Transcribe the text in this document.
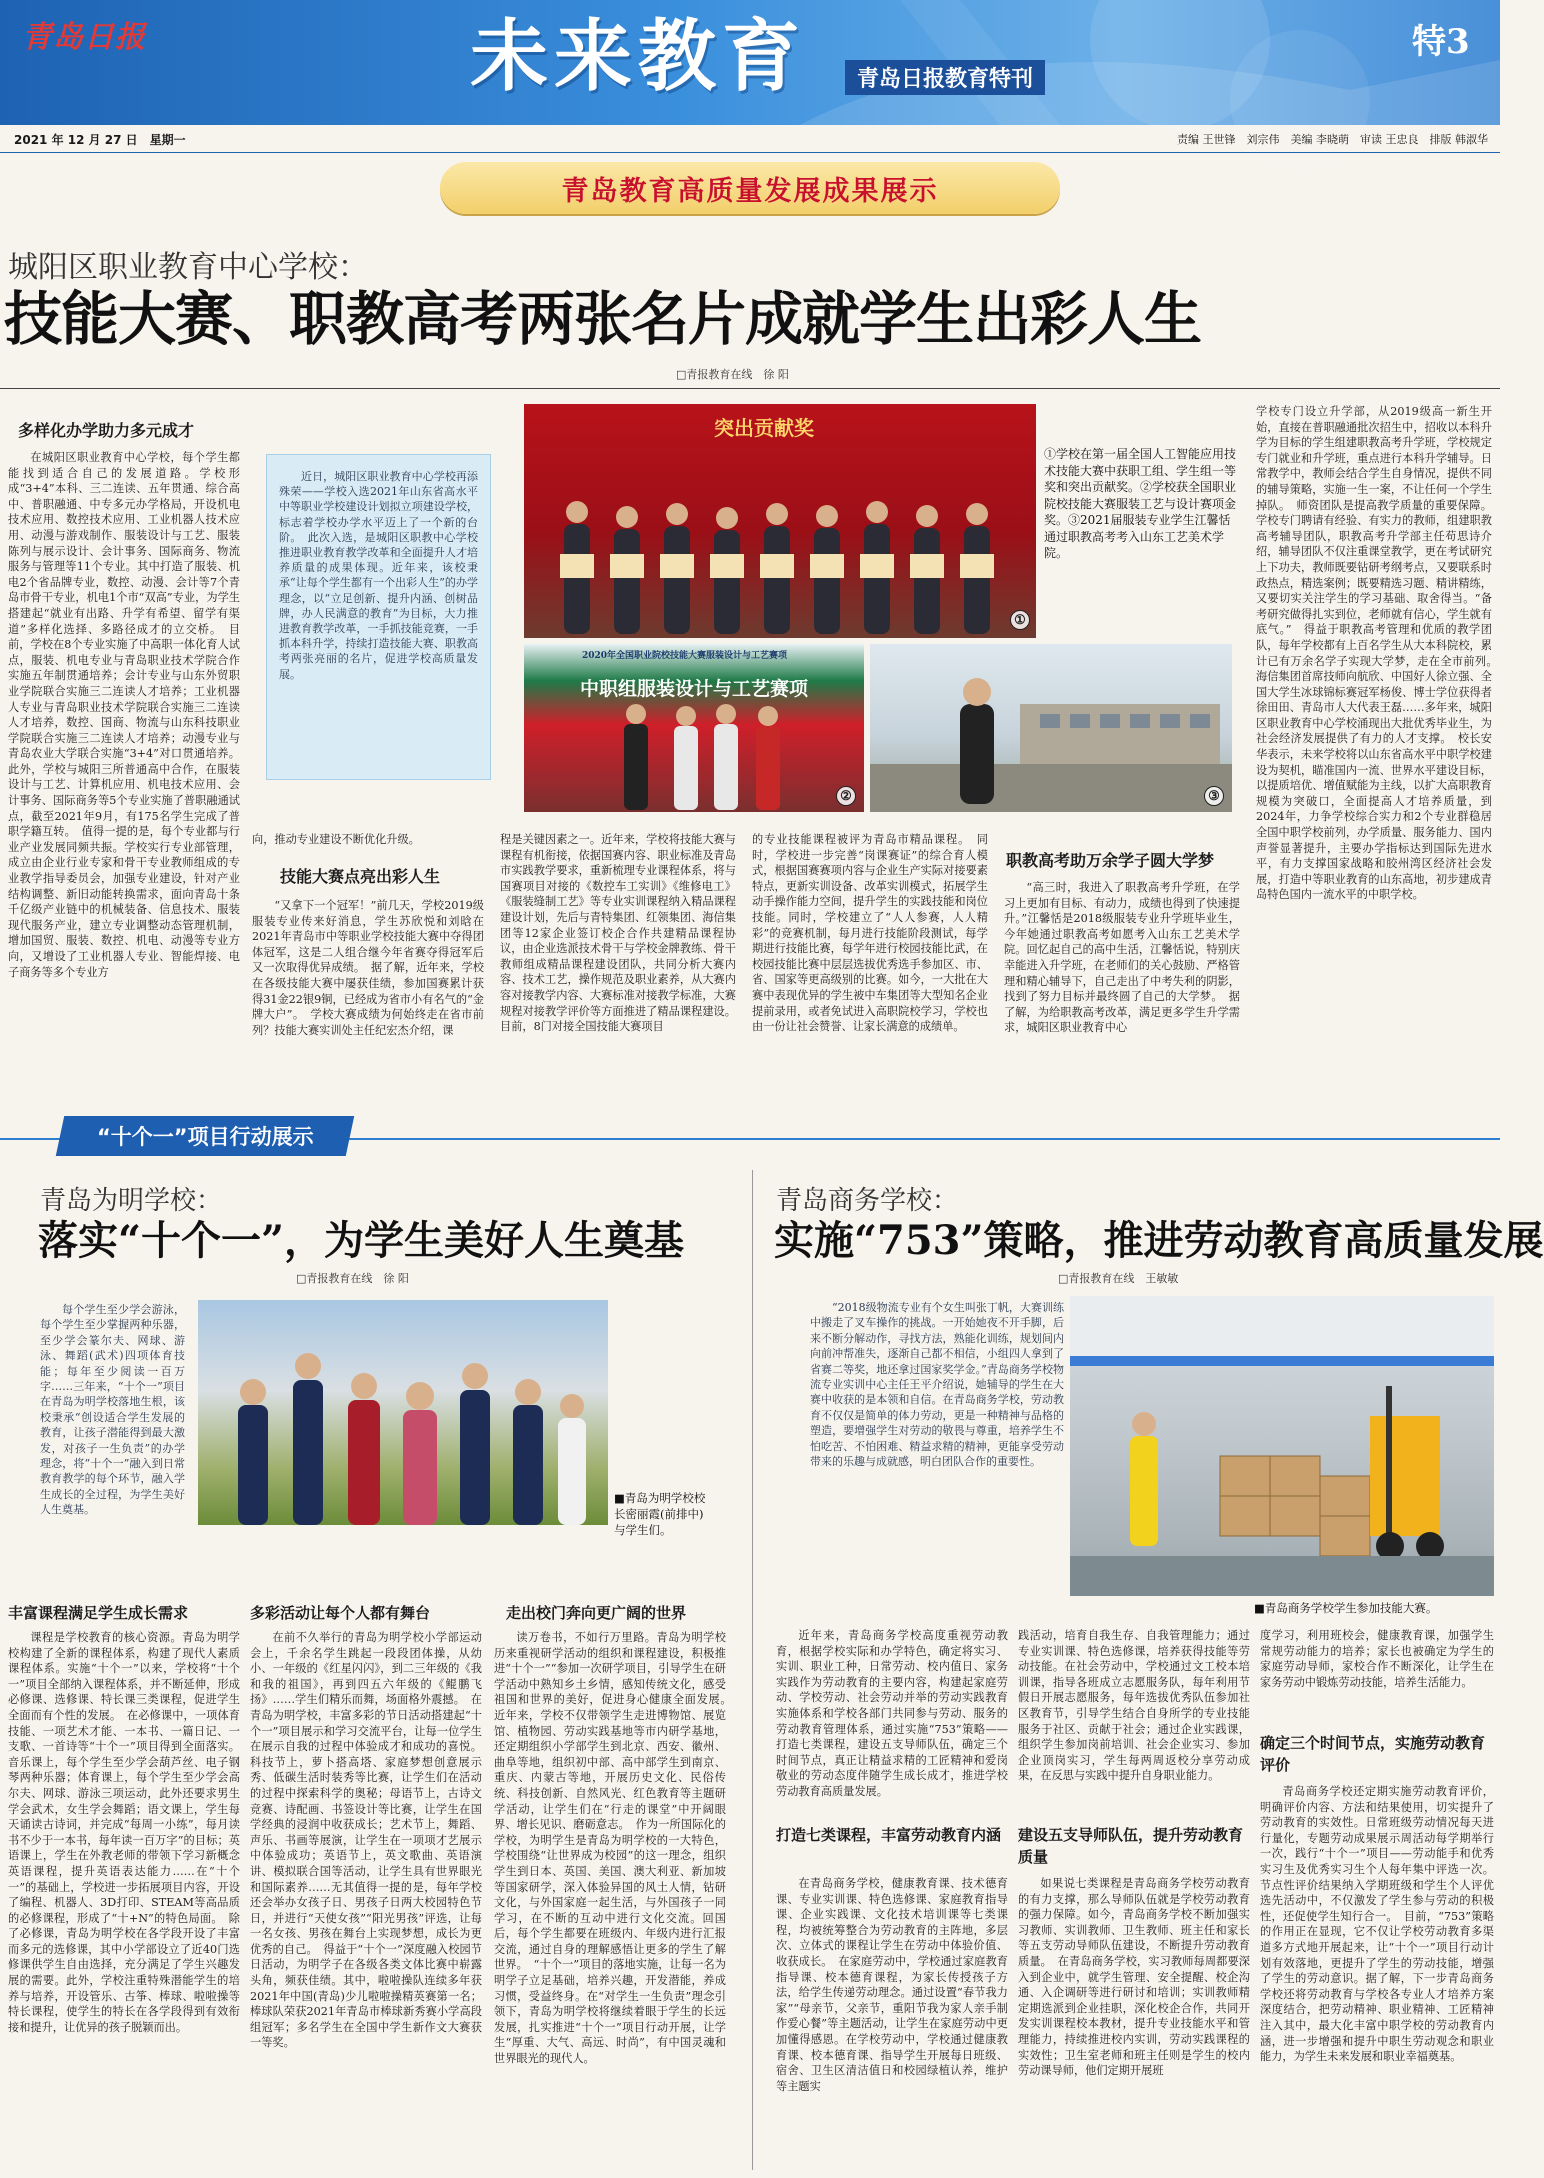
青岛日报	未来教育	青岛日报教育特刊
特3
2021 年 12 月 27 日　星期一	责编 王世锋　刘宗伟　美编 李晓萌　审读 王忠良　排版 韩淑华
青岛教育高质量发展成果展示
城阳区职业教育中心学校：
技能大赛、职教高考两张名片成就学生出彩人生
□青报教育在线　徐 阳
多样化办学助力多元成才

在城阳区职业教育中心学校，每个学生都能找到适合自己的发展道路。学校形成“3+4”本科、三二连读、五年贯通、综合高中、普职融通、中专多元办学格局，开设机电技术应用、数控技术应用、工业机器人技术应用、动漫与游戏制作、服装设计与工艺、服装陈列与展示设计、会计事务、国际商务、物流服务与管理等11个专业。其中打造了服装、机电2个省品牌专业，数控、动漫、会计等7个青岛市骨干专业，机电1个市“双高”专业，为学生搭建起“就业有出路、升学有希望、留学有渠道”多样化选择、多路径成才的立交桥。　目前，学校在8个专业实施了中高职一体化育人试点，服装、机电专业与青岛职业技术学院合作实施五年制贯通培养；会计专业与山东外贸职业学院联合实施三二连读人才培养；工业机器人专业与青岛职业技术学院联合实施三二连读人才培养，数控、国商、物流与山东科技职业学院联合实施三二连读人才培养；动漫专业与青岛农业大学联合实施“3+4”对口贯通培养。此外，学校与城阳三所普通高中合作，在服装设计与工艺、计算机应用、机电技术应用、会计事务、国际商务等5个专业实施了普职融通试点，截至2021年9月，有175名学生完成了普职学籍互转。　值得一提的是，每个专业都与行业产业发展同频共振。学校实行专业部管理，成立由企业行业专家和骨干专业教师组成的专业教学指导委员会，加强专业建设，针对产业结构调整、新旧动能转换需求，面向青岛十条千亿级产业链中的机械装备、信息技术、服装现代服务产业，建立专业调整动态管理机制，增加国贸、服装、数控、机电、动漫等专业方向，又增设了工业机器人专业、智能焊接、电子商务等多个专业方

近日，城阳区职业教育中心学校再添殊荣——学校入选2021年山东省高水平中等职业学校建设计划拟立项建设学校，标志着学校办学水平迈上了一个新的台阶。　此次入选，是城阳区职教中心学校推进职业教育教学改革和全面提升人才培养质量的成果体现。近年来，该校秉承“让每个学生都有一个出彩人生”的办学理念，以“立足创新、提升内涵、创树品牌，办人民满意的教育”为目标，大力推进教育教学改革，一手抓技能竞赛，一手抓本科升学，持续打造技能大赛、职教高考两张亮丽的名片，促进学校高质量发展。

突出贡献奖
①学校在第一届全国人工智能应用技术技能大赛中获职工组、学生组一等奖和突出贡献奖。②学校获全国职业院校技能大赛服装工艺与设计赛项金奖。③2021届服装专业学生江馨恬通过职教高考考入山东工艺美术学院。
2020年全国职业院校技能大赛服装设计与工艺赛项
中职组服装设计与工艺赛项
②	③
①

向，推动专业建设不断优化升级。

技能大赛点亮出彩人生

“又拿下一个冠军！”前几天，学校2019级服装专业传来好消息，学生苏欣悦和刘晗在2021年青岛市中等职业学校技能大赛中夺得团体冠军，这是二人组合继今年省赛夺得冠军后又一次取得优异成绩。　据了解，近年来，学校在各级技能大赛中屡获佳绩，参加国赛累计获得31金22银9铜，已经成为省市小有名气的“金牌大户”。　学校大赛成绩为何始终走在省市前列？技能大赛实训处主任纪宏杰介绍，课

程是关键因素之一。近年来，学校将技能大赛与课程有机衔接，依据国赛内容、职业标准及青岛市实践教学要求，重新梳理专业课程体系，将与国赛项目对接的《数控车工实训》《维修电工》《服装缝制工艺》等专业实训课程纳入精品课程建设计划，先后与青特集团、红领集团、海信集团等12家企业签订校企合作共建精品课程协议，由企业选派技术骨干与学校金牌教练、骨干教师组成精品课程建设团队，共同分析大赛内容、技术工艺，操作规范及职业素养，从大赛内容对接教学内容、大赛标准对接教学标准，大赛规程对接教学评价等方面推进了精品课程建设。目前，8门对接全国技能大赛项目

的专业技能课程被评为青岛市精品课程。　同时，学校进一步完善“岗课赛证”的综合育人模式，根据国赛赛项内容与企业生产实际对接要素特点，更新实训设备、改革实训模式，拓展学生动手操作能力空间，提升学生的实践技能和岗位技能。同时，学校建立了“人人参赛，人人精彩”的竞赛机制，每月进行技能阶段测试，每学期进行技能比赛，每学年进行校园技能比武，在校园技能比赛中层层选拔优秀选手参加区、市、省、国家等更高级别的比赛。如今，一大批在大赛中表现优异的学生被中车集团等大型知名企业提前录用，或者免试进入高职院校学习，学校也由一份让社会赞誉、让家长满意的成绩单。

职教高考助万余学子圆大学梦

“高三时，我进入了职教高考升学班，在学习上更加有目标、有动力，成绩也得到了快速提升。”江馨恬是2018级服装专业升学班毕业生，今年她通过职教高考如愿考入山东工艺美术学院。回忆起自己的高中生活，江馨恬说，特别庆幸能进入升学班，在老师们的关心鼓励、严格管理和精心辅导下，自己走出了中考失利的阴影，找到了努力目标并最终圆了自己的大学梦。　据了解，为给职教高考改革，满足更多学生升学需求，城阳区职业教育中心

学校专门设立升学部，从2019级高一新生开始，直接在普职融通批次招生中，招收以本科升学为目标的学生组建职教高考升学班，学校规定专门就业和升学班，重点进行本科升学辅导。日常教学中，教师会结合学生自身情况，提供不同的辅导策略，实施一生一案，不让任何一个学生掉队。　师资团队是提高教学质量的重要保障。学校专门聘请有经验、有实力的教师，组建职教高考辅导团队，职教高考升学部主任苟思诗介绍，辅导团队不仅注重课堂教学，更在考试研究上下功夫，教师既要钻研考纲考点，又要联系时政热点，精选案例；既要精选习题、精讲精练，又要切实关注学生的学习基础、取舍得当。“备考研究做得扎实到位，老师就有信心，学生就有底气。”　得益于职教高考管理和优质的教学团队，每年学校都有上百名学生从大本科院校，累计已有万余名学子实现大学梦，走在全市前列。　海信集团首席技师向航欣、中国好人徐立强、全国大学生冰球锦标赛冠军杨俊、博士学位获得者徐田田、青岛市人大代表王磊……多年来，城阳区职业教育中心学校涌现出大批优秀毕业生，为社会经济发展提供了有力的人才支撑。　校长安华表示，未来学校将以山东省高水平中职学校建设为契机，瞄准国内一流、世界水平建设目标，以提质培优、增值赋能为主线，以扩大高职教育规模为突破口，全面提高人才培养质量，到2024年，力争学校综合实力和2个专业群稳居全国中职学校前列，办学质量、服务能力、国内声誉显著提升，主要办学指标达到国际先进水平，有力支撑国家战略和胶州湾区经济社会发展，打造中等职业教育的山东高地，初步建成青岛特色国内一流水平的中职学校。

“十个一”项目行动展示
青岛为明学校：
落实“十个一”，为学生美好人生奠基
□青报教育在线　徐 阳

每个学生至少学会游泳，每个学生至少掌握两种乐器，至少学会篆尔夫、网球、游泳、舞蹈(武术)四项体育技能；每年至少阅读一百万字……三年来，“十个一”项目在青岛为明学校落地生根，该校秉承“创设适合学生发展的教育，让孩子潜能得到最大激发，对孩子一生负责”的办学理念，将“十个一”融入到日常教育教学的每个环节，融入学生成长的全过程，为学生美好人生奠基。

■青岛为明学校校长密丽霞(前排中)与学生们。
丰富课程满足学生成长需求	多彩活动让每个人都有舞台	走出校门奔向更广阔的世界

课程是学校教育的核心资源。青岛为明学校构建了全新的课程体系，构建了现代人素质课程体系。实施“十个一”以来，学校将“十个一”项目全部纳入课程体系，并不断延伸，形成必修课、选修课、特长课三类课程，促进学生全面而有个性的发展。　在必修课中，一项体育技能、一项艺术才能、一本书、一篇日记、一支歌、一首诗等“十个一”项目得到全面落实。音乐课上，每个学生至少学会葫芦丝、电子钢琴两种乐器；体育课上，每个学生至少学会高尔夫、网球、游泳三项运动，此外还要求男生学会武术，女生学会舞蹈；语文课上，学生每天诵读古诗词，并完成“每周一小练”，每月读书不少于一本书，每年读一百万字”的目标；英语课上，学生在外教老师的带领下学习新概念英语课程，提升英语表达能力……在“十个一”的基础上，学校进一步拓展项目内容，开设了编程、机器人、3D打印、STEAM等高品质的必修课程，形成了“十+N”的特色局面。　除了必修课，青岛为明学校在各学段开设了丰富而多元的选修课，其中小学部设立了近40门选修课供学生自由选择，充分满足了学生兴趣发展的需要。此外，学校注重特殊潜能学生的培养与培养，开设管乐、古筝、棒球、啦啦操等特长课程，使学生的特长在各学段得到有效衔接和提升，让优异的孩子脱颖而出。

在前不久举行的青岛为明学校小学部运动会上，千余名学生跳起一段段团体操，从幼小、一年级的《红星闪闪》，到二三年级的《我和我的祖国》，再到四五六年级的《鲲鹏飞扬》……学生们精乐而舞，场面格外震撼。　在青岛为明学校，丰富多彩的节日活动搭建起“十个一”项目展示和学习交流平台，让每一位学生在展示自我的过程中体验成才和成功的喜悦。科技节上，萝卜搭高塔、家庭梦想创意展示秀、低碳生活时装秀等比赛，让学生们在活动的过程中探索科学的奥秘；母语节上，古诗文竞赛、诗配画、书签设计等比赛，让学生在国学经典的浸润中收获成长；艺术节上，舞蹈、声乐、书画等展演，让学生在一项项才艺展示中体验成功；英语节上，英文歌曲、英语演讲、模拟联合国等活动，让学生具有世界眼光和国际素养……无其值得一提的是，每年学校还会举办女孩子日、男孩子日两大校园特色节日，并进行“天使女孩”“阳光男孩”评选，让每一名女孩、男孩在舞台上实现梦想，成长为更优秀的自己。　得益于“十个一”深度融入校园节日活动，为明学子在各级各类文体比赛中崭露头角，频获佳绩。其中，啦啦操队连续多年获2021年中国(青岛)少儿啦啦操精英赛第一名；棒球队荣获2021年青岛市棒球新秀赛小学高段组冠军；多名学生在全国中学生新作文大赛获一等奖。

读万卷书，不如行万里路。青岛为明学校历来重视研学活动的组织和课程建设，积极推进“十个一”“参加一次研学项目，引导学生在研学活动中熟知乡土乡情，感知传统文化，感受祖国和世界的美好，促进身心健康全面发展。　近年来，学校不仅带领学生走进博物馆、展览馆、植物园、劳动实践基地等市内研学基地，还定期组织小学部学生到北京、西安、徽州、曲阜等地，组织初中部、高中部学生到南京、重庆、内蒙古等地，开展历史文化、民俗传统、科技创新、自然风光、红色教育等主题研学活动，让学生们在“行走的课堂”中开阔眼界、增长见识、磨砺意志。　作为一所国际化的学校，为明学生是青岛为明学校的一大特色，学校围绕“让世界成为校园”的这一理念，组织学生到日本、英国、美国、澳大利亚、新加坡等国家研学，深入体验异国的风土人情，钻研文化，与外国家庭一起生活，与外国孩子一同学习，在不断的互动中进行文化交流。回国后，每个学生都要在班级内、年级内进行汇报交流，通过自身的理解感悟让更多的学生了解世界。　“十个一”项目的落地实施，让每一名为明学子立足基础，培养兴趣，开发潜能，养成习惯，受益终身。在“对学生一生负责”理念引领下，青岛为明学校将继续着眼于学生的长远发展，扎实推进“十个一”项目行动开展，让学生“厚重、大气、高远、时尚”，有中国灵魂和世界眼光的现代人。

青岛商务学校：
实施“753”策略，推进劳动教育高质量发展
□青报教育在线　王敏敏

“2018级物流专业有个女生叫张丁帆，大赛训练中搬走了叉车操作的挑战。一开始她夜不开手脚，后来不断分解动作，寻找方法，熟能化训练，规划间内向前冲帮准失，逐渐自己都不相信，小组四人拿到了省赛二等奖，地还拿过国家奖学金。”青岛商务学校物流专业实训中心主任王平介绍说，她辅导的学生在大赛中收获的是本领和自信。在青岛商务学校，劳动教育不仅仅是简单的体力劳动，更是一种精神与品格的塑造，要增强学生对劳动的敬畏与尊重，培养学生不怕吃苦、不怕困难、精益求精的精神，更能享受劳动带来的乐趣与成就感，明白团队合作的重要性。

■青岛商务学校学生参加技能大赛。

近年来，青岛商务学校高度重视劳动教育，根据学校实际和办学特色，确定将实习、实训、职业工种，日常劳动、校内值日、家务实践作为劳动教育的主要内容，构建起家庭劳动、学校劳动、社会劳动并举的劳动实践教育实施体系和学校各部门共同参与劳动、服务的劳动教育管理体系，通过实施“753”策略——打造七类课程，建设五支导师队伍，确定三个时间节点，真正让精益求精的工匠精神和爱岗敬业的劳动态度伴随学生成长成才，推进学校劳动教育高质量发展。

打造七类课程，丰富劳动教育内涵

在青岛商务学校，健康教育课、技术德育课、专业实训课、特色选修课、家庭教育指导课、企业实践课、文化技术培训课等七类课程，均被统筹整合为劳动教育的主阵地，多层次、立体式的课程让学生在劳动中体验价值、收获成长。　在家庭劳动中，学校通过家庭教育指导课、校本德育课程，为家长传授孩子方法，给学生传递劳动理念。通过设置“春节我力家”“母亲节，父亲节，重阳节我为家人亲手制作爱心餐”等主题活动，让学生在家庭劳动中更加懂得感恩。在学校劳动中，学校通过健康教育课、校本德育课、指导学生开展每日班级、宿舍、卫生区清洁值日和校园绿植认养，维护等主题实

践活动，培育自我生存、自我管理能力；通过专业实训课、特色选修课，培养获得技能等劳动技能。在社会劳动中，学校通过文工校本培训课，指导各班成立志愿服务队，每年利用节假日开展志愿服务，每年选拔优秀队伍参加社区教育节，引导学生结合自身所学的专业技能服务于社区、贡献于社会；通过企业实践课，组织学生参加岗前培训、社会企业实习、参加企业顶岗实习，学生每两周返校分享劳动成果，在反思与实践中提升自身职业能力。

建设五支导师队伍，提升劳动教育质量

如果说七类课程是青岛商务学校劳动教育的有力支撑，那么导师队伍就是学校劳动教育的强力保障。如今，青岛商务学校不断加强实习教师、实训教师、卫生教师、班主任和家长等五支劳动导师队伍建设，不断提升劳动教育质量。　在青岛商务学校，实习教师每周都要深入到企业中，就学生管理、安全提醒、校企沟通、入企调研等进行研讨和培训；实训教师精定期选派到企业挂职，深化校企合作，共同开发实训课程校本教材，提升专业技能水平和管理能力，持续推进校内实训，劳动实践课程的实效性；卫生室老师和班主任则是学生的校内劳动课导师，他们定期开展班

度学习，利用班校会，健康教育课，加强学生常规劳动能力的培养；家长也被确定为学生的家庭劳动导师，家校合作不断深化，让学生在家务劳动中锻炼劳动技能，培养生活能力。

确定三个时间节点，实施劳动教育评价

青岛商务学校还定期实施劳动教育评价，明确评价内容、方法和结果使用，切实提升了劳动教育的实效性。日常班级劳动情况每天进行量化，专题劳动成果展示周活动每学期举行一次，践行“十个一”项目——劳动能手和优秀实习生及优秀实习生个人每年集中评选一次。节点性评价结果纳入学期班级和学生个人评优选先活动中，不仅激发了学生参与劳动的积极性，还促使学生知行合一。　目前，“753”策略的作用正在显现，它不仅让学校劳动教育多渠道多方式地开展起来，让“十个一”项目行动计划有效落地，更提升了学生的劳动技能，增强了学生的劳动意识。据了解，下一步青岛商务学校还将劳动教育与学校各专业人才培养方案深度结合，把劳动精神、职业精神、工匠精神注入其中，最大化丰富中职学校的劳动教育内涵，进一步增强和提升中职生劳动观念和职业能力，为学生未来发展和职业幸福奠基。
